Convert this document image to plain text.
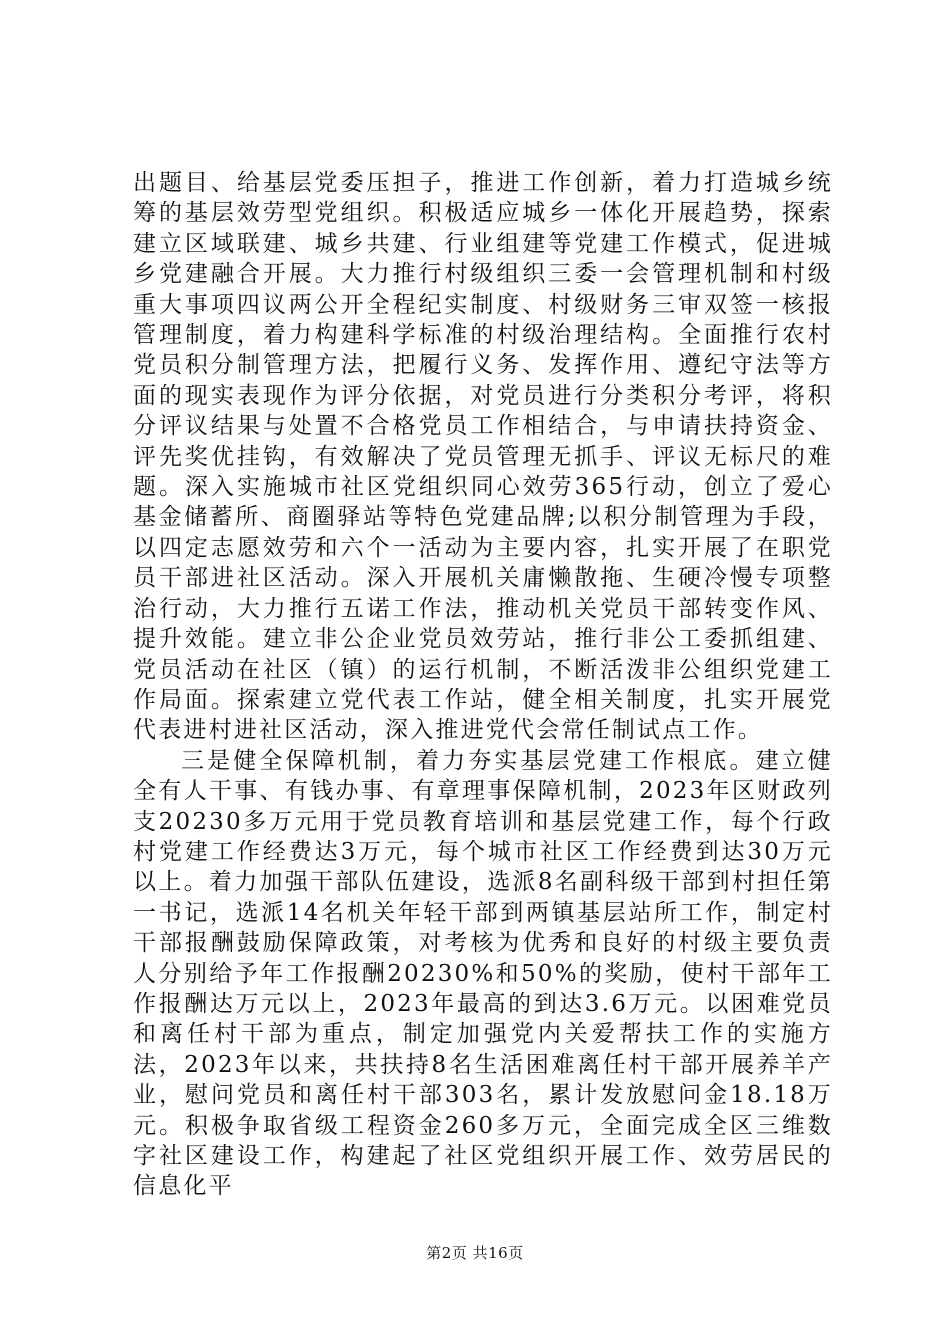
出题目、给基层党委压担子，推进工作创新，着力打造城乡统筹的基层效劳型党组织。积极适应城乡一体化开展趋势，探索建立区域联建、城乡共建、行业组建等党建工作模式，促进城乡党建融合开展。大力推行村级组织三委一会管理机制和村级重大事项四议两公开全程纪实制度、村级财务三审双签一核报管理制度，着力构建科学标准的村级治理结构。全面推行农村党员积分制管理方法，把履行义务、发挥作用、遵纪守法等方面的现实表现作为评分依据，对党员进行分类积分考评，将积分评议结果与处置不合格党员工作相结合，与申请扶持资金、评先奖优挂钩，有效解决了党员管理无抓手、评议无标尺的难题。深入实施城市社区党组织同心效劳365行动，创立了爱心基金储蓄所、商圈驿站等特色党建品牌;以积分制管理为手段，以四定志愿效劳和六个一活动为主要内容，扎实开展了在职党员干部进社区活动。深入开展机关庸懒散拖、生硬冷慢专项整治行动，大力推行五诺工作法，推动机关党员干部转变作风、提升效能。建立非公企业党员效劳站，推行非公工委抓组建、党员活动在社区（镇）的运行机制，不断活泼非公组织党建工作局面。探索建立党代表工作站，健全相关制度，扎实开展党代表进村进社区活动，深入推进党代会常任制试点工作。

三是健全保障机制，着力夯实基层党建工作根底。建立健全有人干事、有钱办事、有章理事保障机制，2023年区财政列支20230多万元用于党员教育培训和基层党建工作，每个行政村党建工作经费达3万元，每个城市社区工作经费到达30万元以上。着力加强干部队伍建设，选派8名副科级干部到村担任第一书记，选派14名机关年轻干部到两镇基层站所工作，制定村干部报酬鼓励保障政策，对考核为优秀和良好的村级主要负责人分别给予年工作报酬20230%和50%的奖励，使村干部年工作报酬达万元以上，2023年最高的到达3.6万元。以困难党员和离任村干部为重点，制定加强党内关爱帮扶工作的实施方法，2023年以来，共扶持8名生活困难离任村干部开展养羊产业，慰问党员和离任村干部303名，累计发放慰问金18.18万元。积极争取省级工程资金260多万元，全面完成全区三维数字社区建设工作，构建起了社区党组织开展工作、效劳居民的信息化平

第2页 共16页
